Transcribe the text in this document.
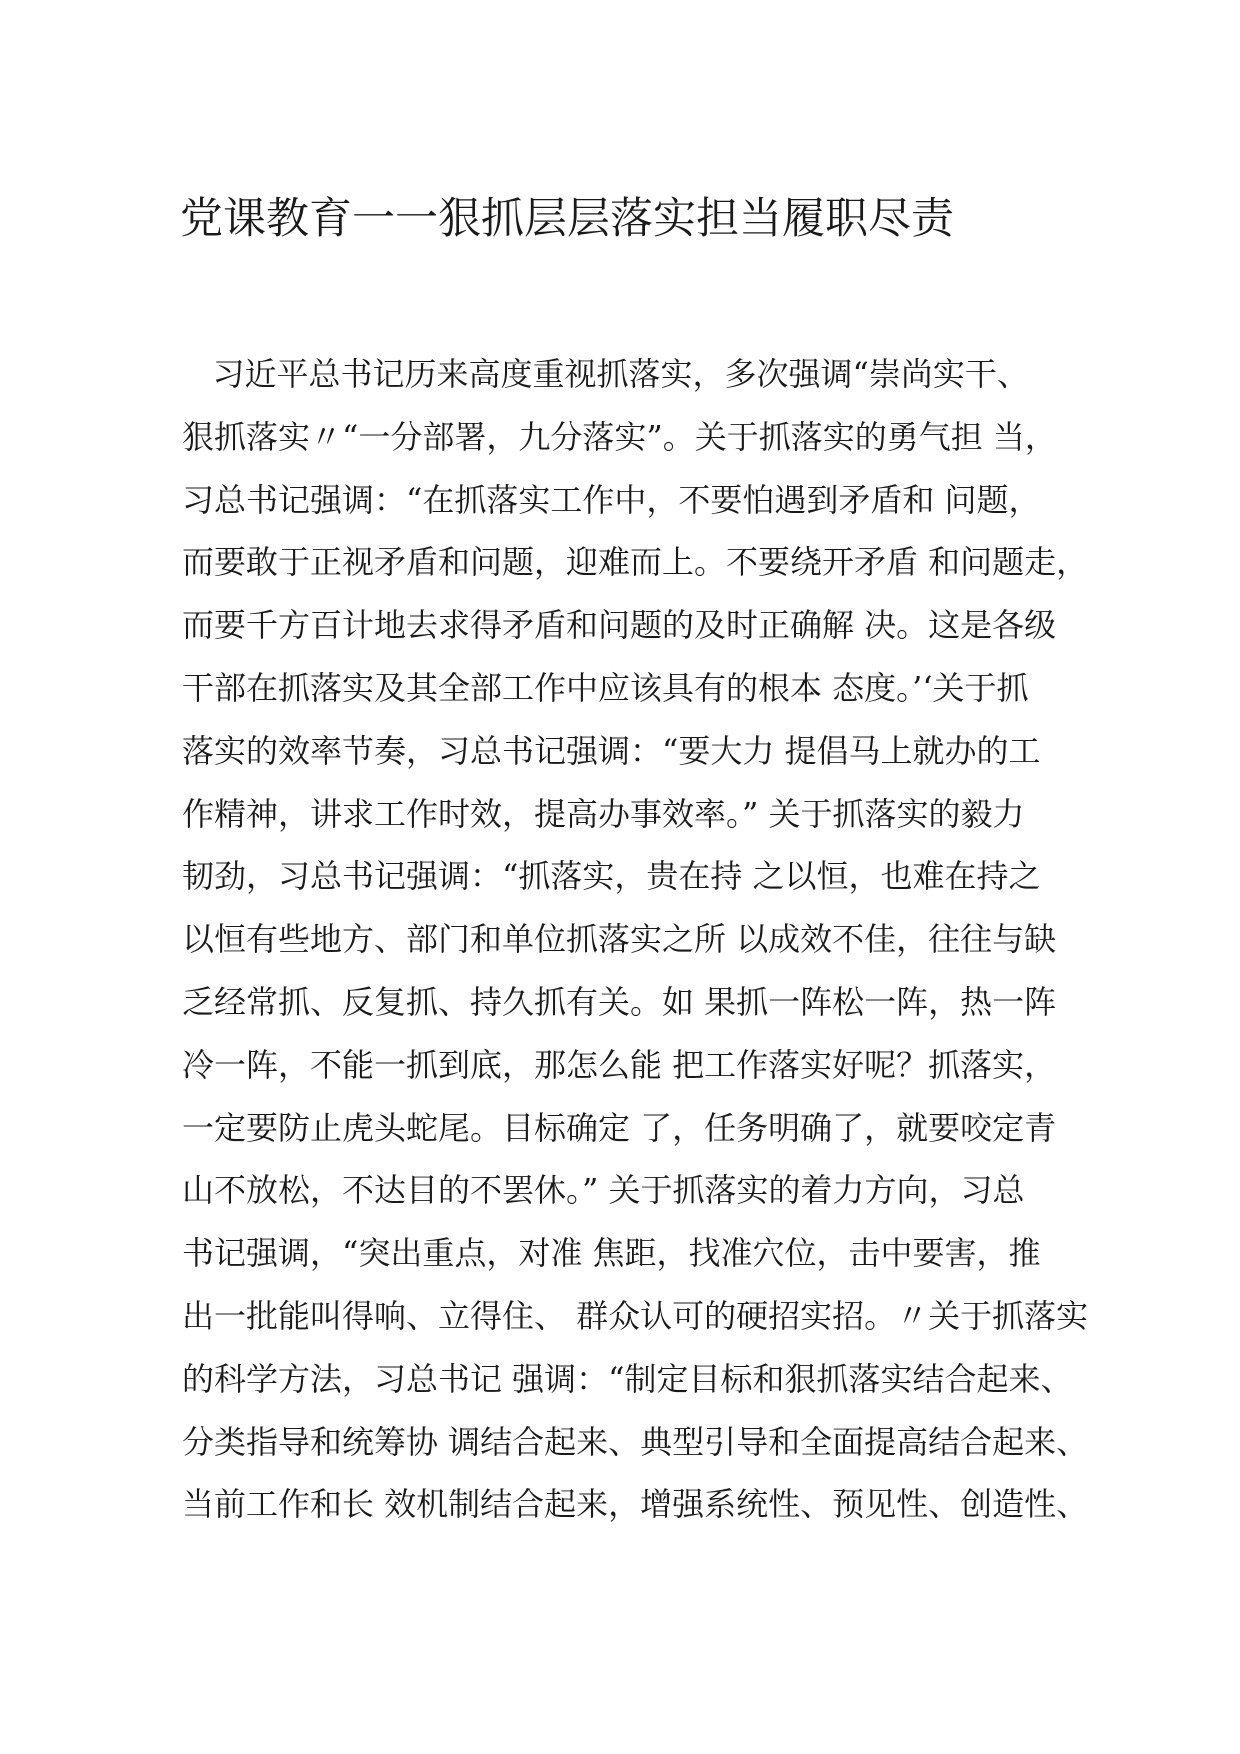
党课教育一一狠抓层层落实担当履职尽责
习近平总书记历来高度重视抓落实，多次强调“崇尚实干、
狠抓落实〃“一分部署，九分落实”。关于抓落实的勇气担 当，
习总书记强调：“在抓落实工作中，不要怕遇到矛盾和 问题，
而要敢于正视矛盾和问题，迎难而上。不要绕开矛盾 和问题走，
而要千方百计地去求得矛盾和问题的及时正确解 决。这是各级
干部在抓落实及其全部工作中应该具有的根本 态度。’‘关于抓
落实的效率节奏，习总书记强调：“要大力 提倡马上就办的工
作精神，讲求工作时效，提高办事效率。” 关于抓落实的毅力
韧劲，习总书记强调：“抓落实，贵在持 之以恒，也难在持之
以恒有些地方、部门和单位抓落实之所 以成效不佳，往往与缺
乏经常抓、反复抓、持久抓有关。如 果抓一阵松一阵，热一阵
冷一阵，不能一抓到底，那怎么能 把工作落实好呢？抓落实，
一定要防止虎头蛇尾。目标确定 了，任务明确了，就要咬定青
山不放松，不达目的不罢休。” 关于抓落实的着力方向，习总
书记强调，“突出重点，对准 焦距，找准穴位，击中要害，推
出一批能叫得响、立得住、 群众认可的硬招实招。〃关于抓落实
的科学方法，习总书记 强调：“制定目标和狠抓落实结合起来、
分类指导和统筹协 调结合起来、典型引导和全面提高结合起来、
当前工作和长 效机制结合起来，增强系统性、预见性、创造性、
